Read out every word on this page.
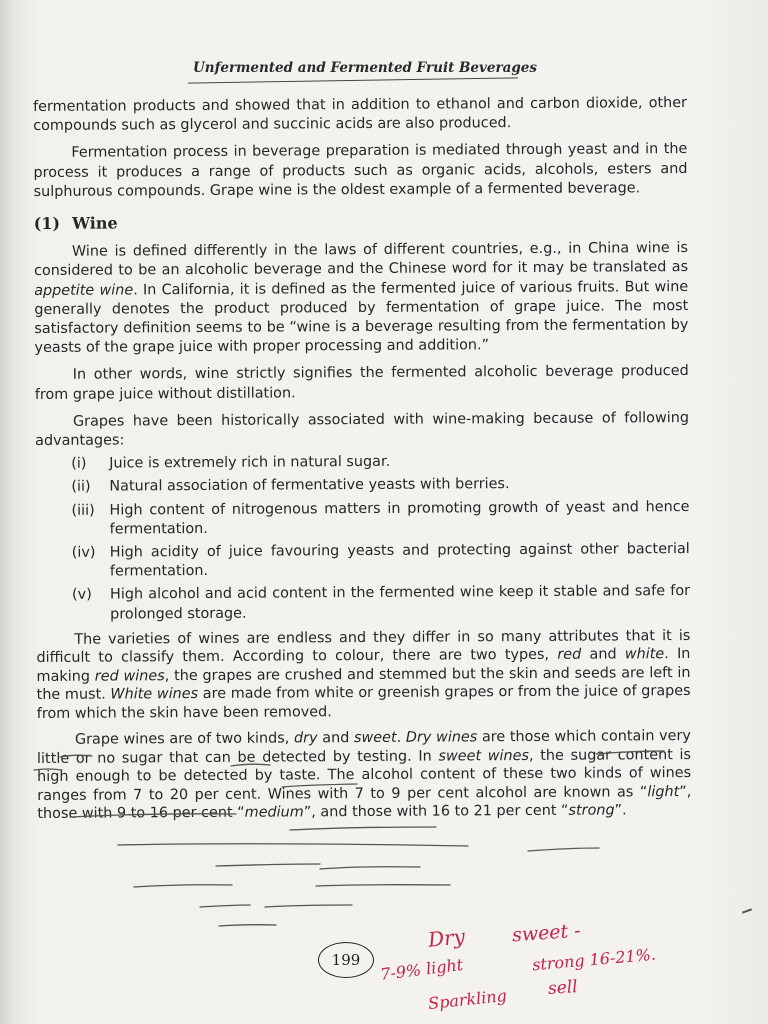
Unfermented and Fermented Fruit Beverages

fermentation products and showed that in addition to ethanol and carbon dioxide, other compounds such as glycerol and succinic acids are also produced.

Fermentation process in beverage preparation is mediated through yeast and in the process it produces a range of products such as organic acids, alcohols, esters and sulphurous compounds. Grape wine is the oldest example of a fermented beverage.

(1) Wine

Wine is defined differently in the laws of different countries, e.g., in China wine is considered to be an alcoholic beverage and the Chinese word for it may be translated as appetite wine. In California, it is defined as the fermented juice of various fruits. But wine generally denotes the product produced by fermentation of grape juice. The most satisfactory definition seems to be “wine is a beverage resulting from the fermentation by yeasts of the grape juice with proper processing and addition.”

In other words, wine strictly signifies the fermented alcoholic beverage produced from grape juice without distillation.

Grapes have been historically associated with wine-making because of following advantages:

(i)	Juice is extremely rich in natural sugar.
(ii)	Natural association of fermentative yeasts with berries.
(iii)	High content of nitrogenous matters in promoting growth of yeast and hence fermentation.
(iv) High acidity of juice favouring yeasts and protecting against other bacterial fermentation.
(v)	High alcohol and acid content in the fermented wine keep it stable and safe for prolonged storage.

The varieties of wines are endless and they differ in so many attributes that it is difficult to classify them. According to colour, there are two types, red and white. In making red wines, the grapes are crushed and stemmed but the skin and seeds are left in the must. White wines are made from white or greenish grapes or from the juice of grapes from which the skin have been removed.

Grape wines are of two kinds, dry and sweet. Dry wines are those which contain very little or no sugar that can be detected by testing. In sweet wines, the sugar content is high enough to be detected by taste. The alcohol content of these two kinds of wines ranges from 7 to 20 per cent. Wines with 7 to 9 per cent alcohol are known as “light”, those with 9 to 16 per cent “medium”, and those with 16 to 21 per cent “strong”.

199
Dry sweet -
7-9% light	strong 16-21%.
Sparkling sell
